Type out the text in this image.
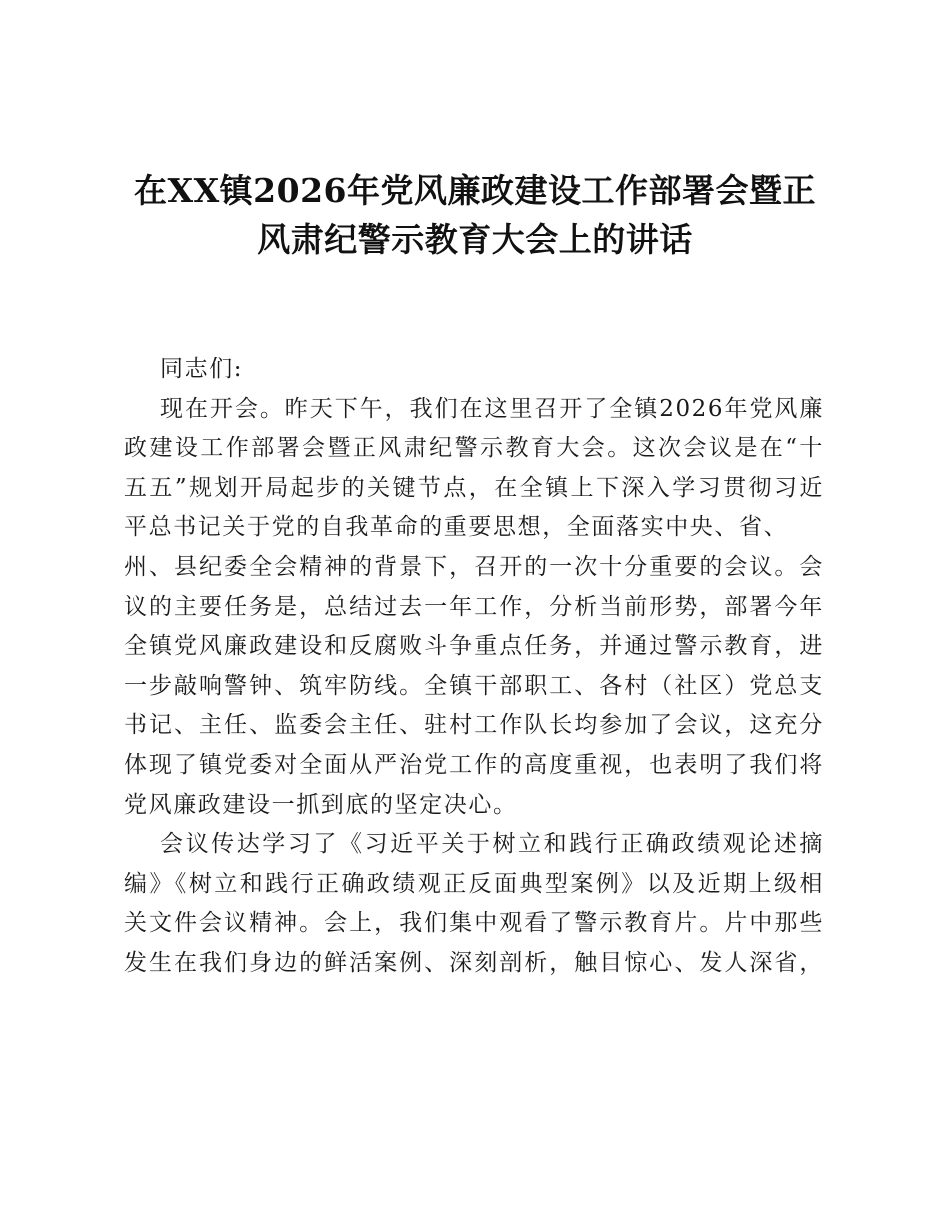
在XX镇2026年党风廉政建设工作部署会暨正
风肃纪警示教育大会上的讲话
同志们:
现在开会。昨天下午，我们在这里召开了全镇2026年党风廉
政建设工作部署会暨正风肃纪警示教育大会。这次会议是在“十
五五”规划开局起步的关键节点，在全镇上下深入学习贯彻习近
平总书记关于党的自我革命的重要思想，全面落实中央、省、
州、县纪委全会精神的背景下，召开的一次十分重要的会议。会
议的主要任务是，总结过去一年工作，分析当前形势，部署今年
全镇党风廉政建设和反腐败斗争重点任务，并通过警示教育，进
一步敲响警钟、筑牢防线。全镇干部职工、各村（社区）党总支
书记、主任、监委会主任、驻村工作队长均参加了会议，这充分
体现了镇党委对全面从严治党工作的高度重视，也表明了我们将
党风廉政建设一抓到底的坚定决心。
会议传达学习了《习近平关于树立和践行正确政绩观论述摘
编》《树立和践行正确政绩观正反面典型案例》以及近期上级相
关文件会议精神。会上，我们集中观看了警示教育片。片中那些
发生在我们身边的鲜活案例、深刻剖析，触目惊心、发人深省，
